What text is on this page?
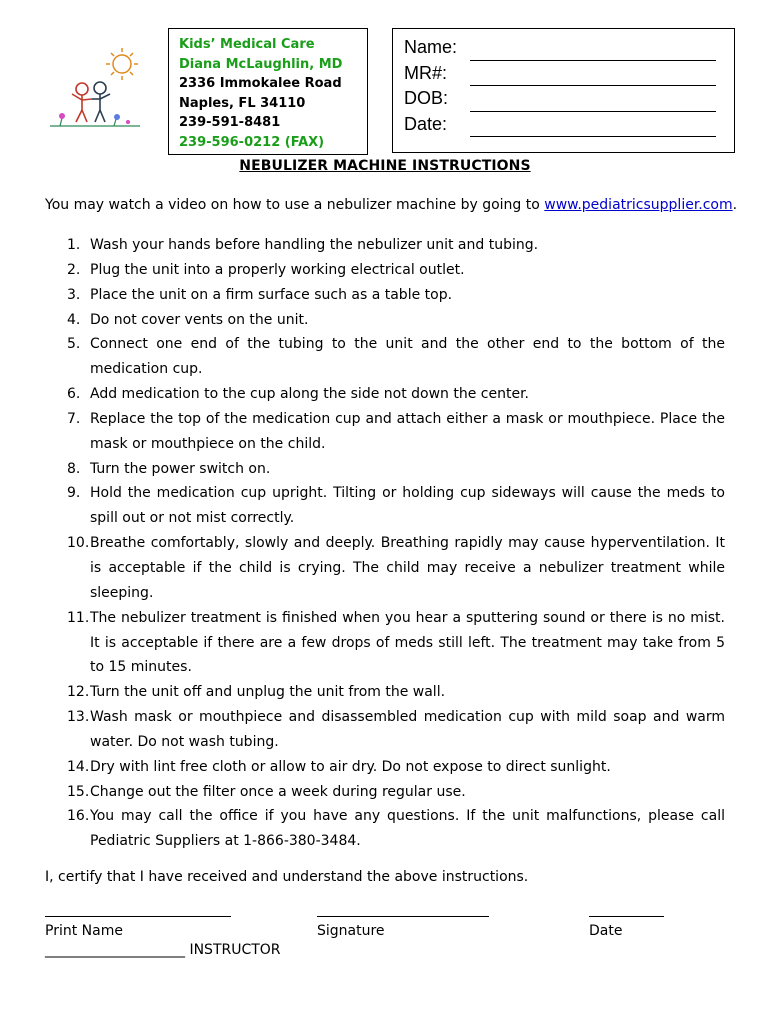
Kids’ Medical Care
Diana McLaughlin, MD
2336 Immokalee Road
Naples, FL 34110
239-591-8481
239-596-0212 (FAX)
Name:
MR#:
DOB:
Date:
NEBULIZER MACHINE INSTRUCTIONS
You may watch a video on how to use a nebulizer machine by going to www.pediatricsupplier.com.
1. Wash your hands before handling the nebulizer unit and tubing.
2. Plug the unit into a properly working electrical outlet.
3. Place the unit on a firm surface such as a table top.
4. Do not cover vents on the unit.
5. Connect one end of the tubing to the unit and the other end to the bottom of the medication cup.
6. Add medication to the cup along the side not down the center.
7. Replace the top of the medication cup and attach either a mask or mouthpiece. Place the mask or mouthpiece on the child.
8. Turn the power switch on.
9. Hold the medication cup upright. Tilting or holding cup sideways will cause the meds to spill out or not mist correctly.
10. Breathe comfortably, slowly and deeply. Breathing rapidly may cause hyperventilation. It is acceptable if the child is crying. The child may receive a nebulizer treatment while sleeping.
11. The nebulizer treatment is finished when you hear a sputtering sound or there is no mist. It is acceptable if there are a few drops of meds still left. The treatment may take from 5 to 15 minutes.
12. Turn the unit off and unplug the unit from the wall.
13. Wash mask or mouthpiece and disassembled medication cup with mild soap and warm water. Do not wash tubing.
14. Dry with lint free cloth or allow to air dry. Do not expose to direct sunlight.
15. Change out the filter once a week during regular use.
16. You may call the office if you have any questions. If the unit malfunctions, please call Pediatric Suppliers at 1-866-380-3484.
I, certify that I have received and understand the above instructions.
Print Name	Signature	Date
____________________ INSTRUCTOR
